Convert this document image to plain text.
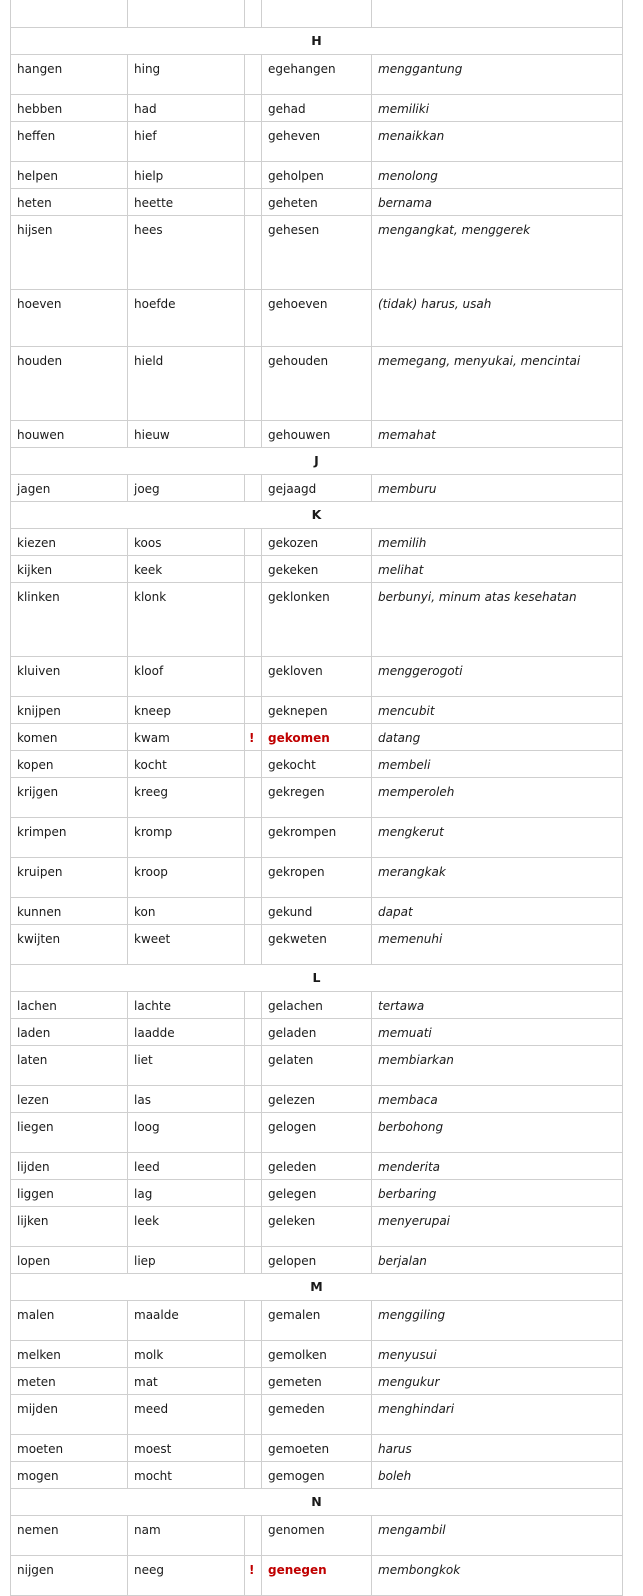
H				
hangen	hing		egehangen	menggantung
hebben	had		gehad	memiliki
heffen	hief		geheven	menaikkan
helpen	hielp		geholpen	menolong
heten	heette		geheten	bernama
hijsen	hees		gehesen	mengangkat, menggerek
hoeven	hoefde		gehoeven	(tidak) harus, usah
houden	hield		gehouden	memegang, menyukai, mencintai
houwen	hieuw		gehouwen	memahat
J				
jagen	joeg		gejaagd	memburu
K				
kiezen	koos		gekozen	memilih
kijken	keek		gekeken	melihat
klinken	klonk		geklonken	berbunyi, minum atas kesehatan
kluiven	kloof		gekloven	menggerogoti
knijpen	kneep		geknepen	mencubit
komen	kwam	!	gekomen	datang
kopen	kocht		gekocht	membeli
krijgen	kreeg		gekregen	memperoleh
krimpen	kromp		gekrompen	mengkerut
kruipen	kroop		gekropen	merangkak
kunnen	kon		gekund	dapat
kwijten	kweet		gekweten	memenuhi
L				
lachen	lachte		gelachen	tertawa
laden	laadde		geladen	memuati
laten	liet		gelaten	membiarkan
lezen	las		gelezen	membaca
liegen	loog		gelogen	berbohong
lijden	leed		geleden	menderita
liggen	lag		gelegen	berbaring
lijken	leek		geleken	menyerupai
lopen	liep		gelopen	berjalan
M				
malen	maalde		gemalen	menggiling
melken	molk		gemolken	menyusui
meten	mat		gemeten	mengukur
mijden	meed		gemeden	menghindari
moeten	moest		gemoeten	harus
mogen	mocht		gemogen	boleh
N				
nemen	nam		genomen	mengambil
nijgen	neeg	!	genegen	membongkok
